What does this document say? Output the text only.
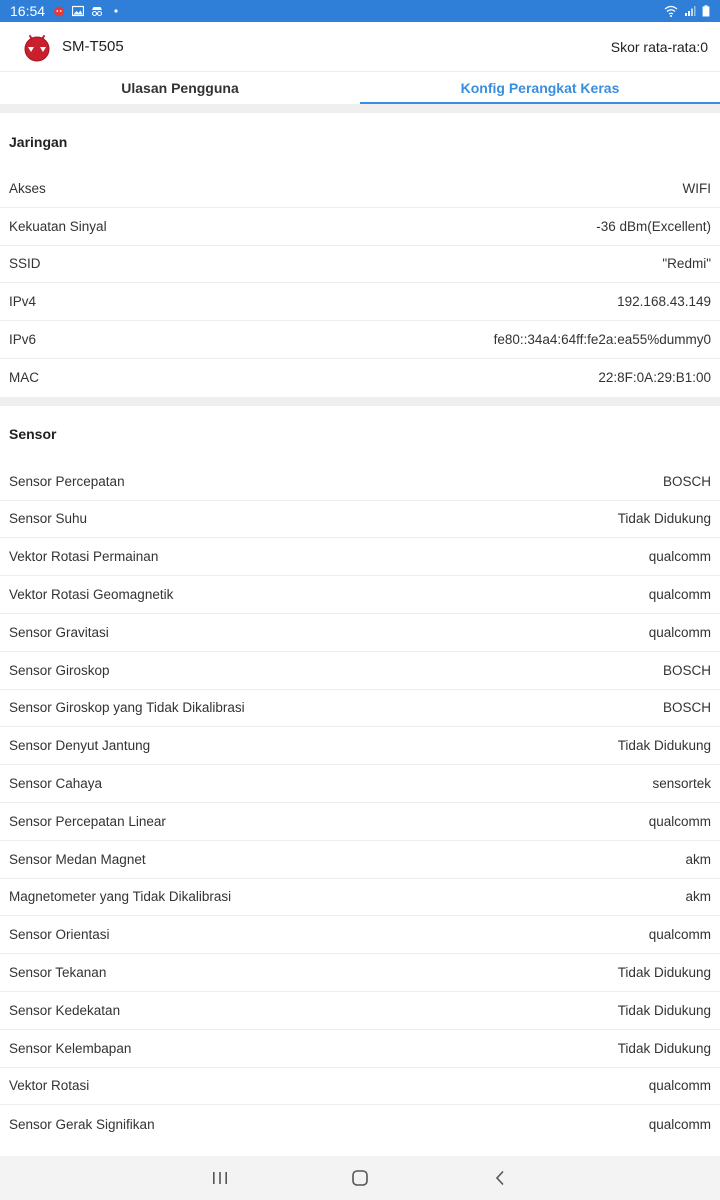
16:54
SM-T505	Skor rata-rata:0
Ulasan Pengguna	Konfig Perangkat Keras
Jaringan
Akses	WIFI
Kekuatan Sinyal	-36 dBm(Excellent)
SSID	"Redmi"
IPv4	192.168.43.149
IPv6	fe80::34a4:64ff:fe2a:ea55%dummy0
MAC	22:8F:0A:29:B1:00
Sensor
Sensor Percepatan	BOSCH
Sensor Suhu	Tidak Didukung
Vektor Rotasi Permainan	qualcomm
Vektor Rotasi Geomagnetik	qualcomm
Sensor Gravitasi	qualcomm
Sensor Giroskop	BOSCH
Sensor Giroskop yang Tidak Dikalibrasi	BOSCH
Sensor Denyut Jantung	Tidak Didukung
Sensor Cahaya	sensortek
Sensor Percepatan Linear	qualcomm
Sensor Medan Magnet	akm
Magnetometer yang Tidak Dikalibrasi	akm
Sensor Orientasi	qualcomm
Sensor Tekanan	Tidak Didukung
Sensor Kedekatan	Tidak Didukung
Sensor Kelembapan	Tidak Didukung
Vektor Rotasi	qualcomm
Sensor Gerak Signifikan	qualcomm
